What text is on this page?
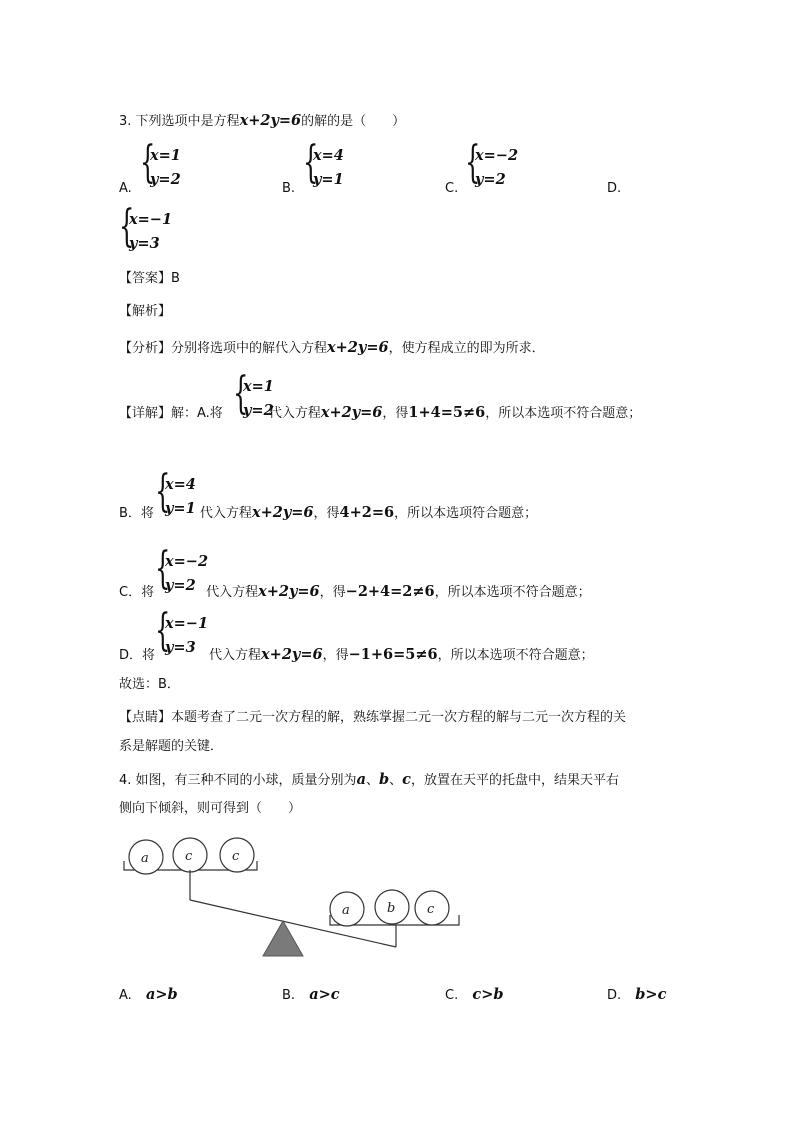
3. 下列选项中是方程x+2y=6的解的是（　　）
A.
{
x=1
y=2
B.
{
x=4
y=1
C.
{
x=−2
y=2
D.
{
x=−1
y=3
【答案】B
【解析】
【分析】分别将选项中的解代入方程x+2y=6，使方程成立的即为所求．
【详解】解：A.将	代入方程x+2y=6，得1+4=5≠6，所以本选项不符合题意；
{
x=1
y=2
B．将	代入方程x+2y=6，得4+2=6，所以本选项符合题意；
{
x=4
y=1
C．将	代入方程x+2y=6，得−2+4=2≠6，所以本选项不符合题意；
{
x=−2
y=2
D．将	代入方程x+2y=6，得−1+6=5≠6，所以本选项不符合题意；
{
x=−1
y=3
故选：B．
【点睛】本题考查了二元一次方程的解，熟练掌握二元一次方程的解与二元一次方程的关
系是解题的关键．
4. 如图，有三种不同的小球，质量分别为a、b、c，放置在天平的托盘中，结果天平右
侧向下倾斜，则可得到（　　）
a	c	c
a	b c
A. a>b	B. a>c	C. c>b	D. b>c
